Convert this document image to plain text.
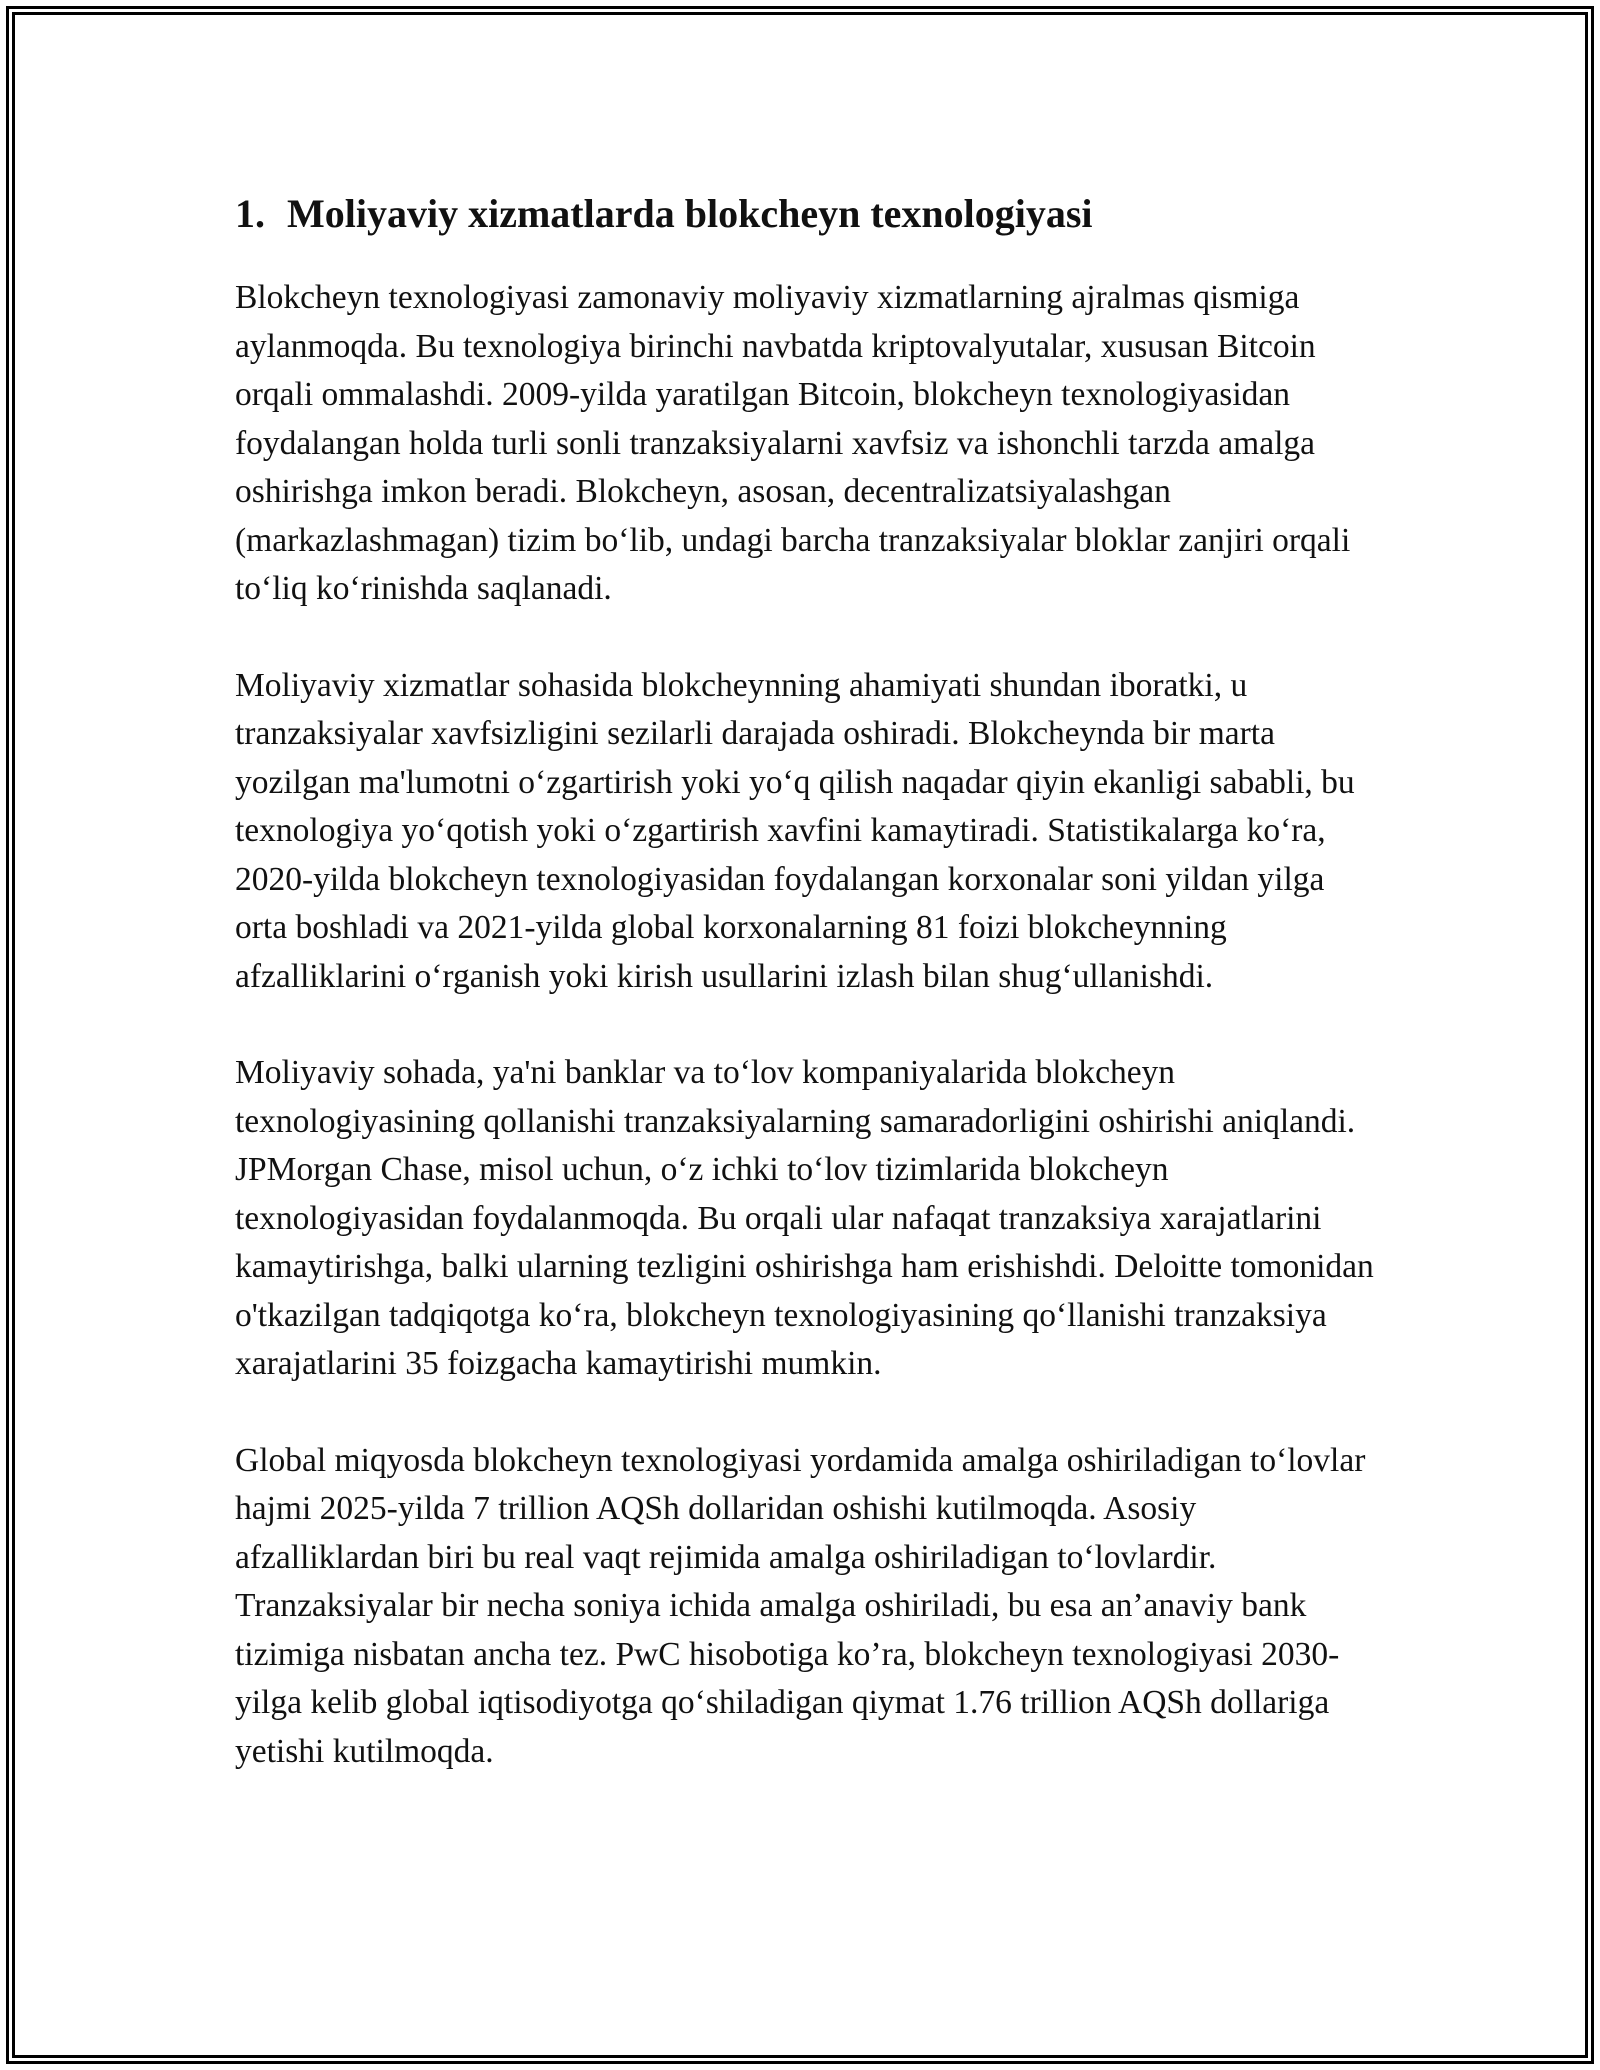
1. Moliyaviy xizmatlarda blokcheyn texnologiyasi

Blokcheyn texnologiyasi zamonaviy moliyaviy xizmatlarning ajralmas qismiga aylanmoqda. Bu texnologiya birinchi navbatda kriptovalyutalar, xususan Bitcoin orqali ommalashdi. 2009-yilda yaratilgan Bitcoin, blokcheyn texnologiyasidan foydalangan holda turli sonli tranzaksiyalarni xavfsiz va ishonchli tarzda amalga oshirishga imkon beradi. Blokcheyn, asosan, decentralizatsiyalashgan (markazlashmagan) tizim bo‘lib, undagi barcha tranzaksiyalar bloklar zanjiri orqali to‘liq ko‘rinishda saqlanadi.

Moliyaviy xizmatlar sohasida blokcheynning ahamiyati shundan iboratki, u tranzaksiyalar xavfsizligini sezilarli darajada oshiradi. Blokcheynda bir marta yozilgan ma'lumotni o‘zgartirish yoki yo‘q qilish naqadar qiyin ekanligi sababli, bu texnologiya yo‘qotish yoki o‘zgartirish xavfini kamaytiradi. Statistikalarga ko‘ra, 2020-yilda blokcheyn texnologiyasidan foydalangan korxonalar soni yildan yilga orta boshladi va 2021-yilda global korxonalarning 81 foizi blokcheynning afzalliklarini o‘rganish yoki kirish usullarini izlash bilan shug‘ullanishdi.

Moliyaviy sohada, ya'ni banklar va to‘lov kompaniyalarida blokcheyn texnologiyasining qollanishi tranzaksiyalarning samaradorligini oshirishi aniqlandi. JPMorgan Chase, misol uchun, o‘z ichki to‘lov tizimlarida blokcheyn texnologiyasidan foydalanmoqda. Bu orqali ular nafaqat tranzaksiya xarajatlarini kamaytirishga, balki ularning tezligini oshirishga ham erishishdi. Deloitte tomonidan o'tkazilgan tadqiqotga ko‘ra, blokcheyn texnologiyasining qo‘llanishi tranzaksiya xarajatlarini 35 foizgacha kamaytirishi mumkin.

Global miqyosda blokcheyn texnologiyasi yordamida amalga oshiriladigan to‘lovlar hajmi 2025-yilda 7 trillion AQSh dollaridan oshishi kutilmoqda. Asosiy afzalliklardan biri bu real vaqt rejimida amalga oshiriladigan to‘lovlardir. Tranzaksiyalar bir necha soniya ichida amalga oshiriladi, bu esa an’anaviy bank tizimiga nisbatan ancha tez. PwC hisobotiga ko’ra, blokcheyn texnologiyasi 2030-yilga kelib global iqtisodiyotga qo‘shiladigan qiymat 1.76 trillion AQSh dollariga yetishi kutilmoqda.
